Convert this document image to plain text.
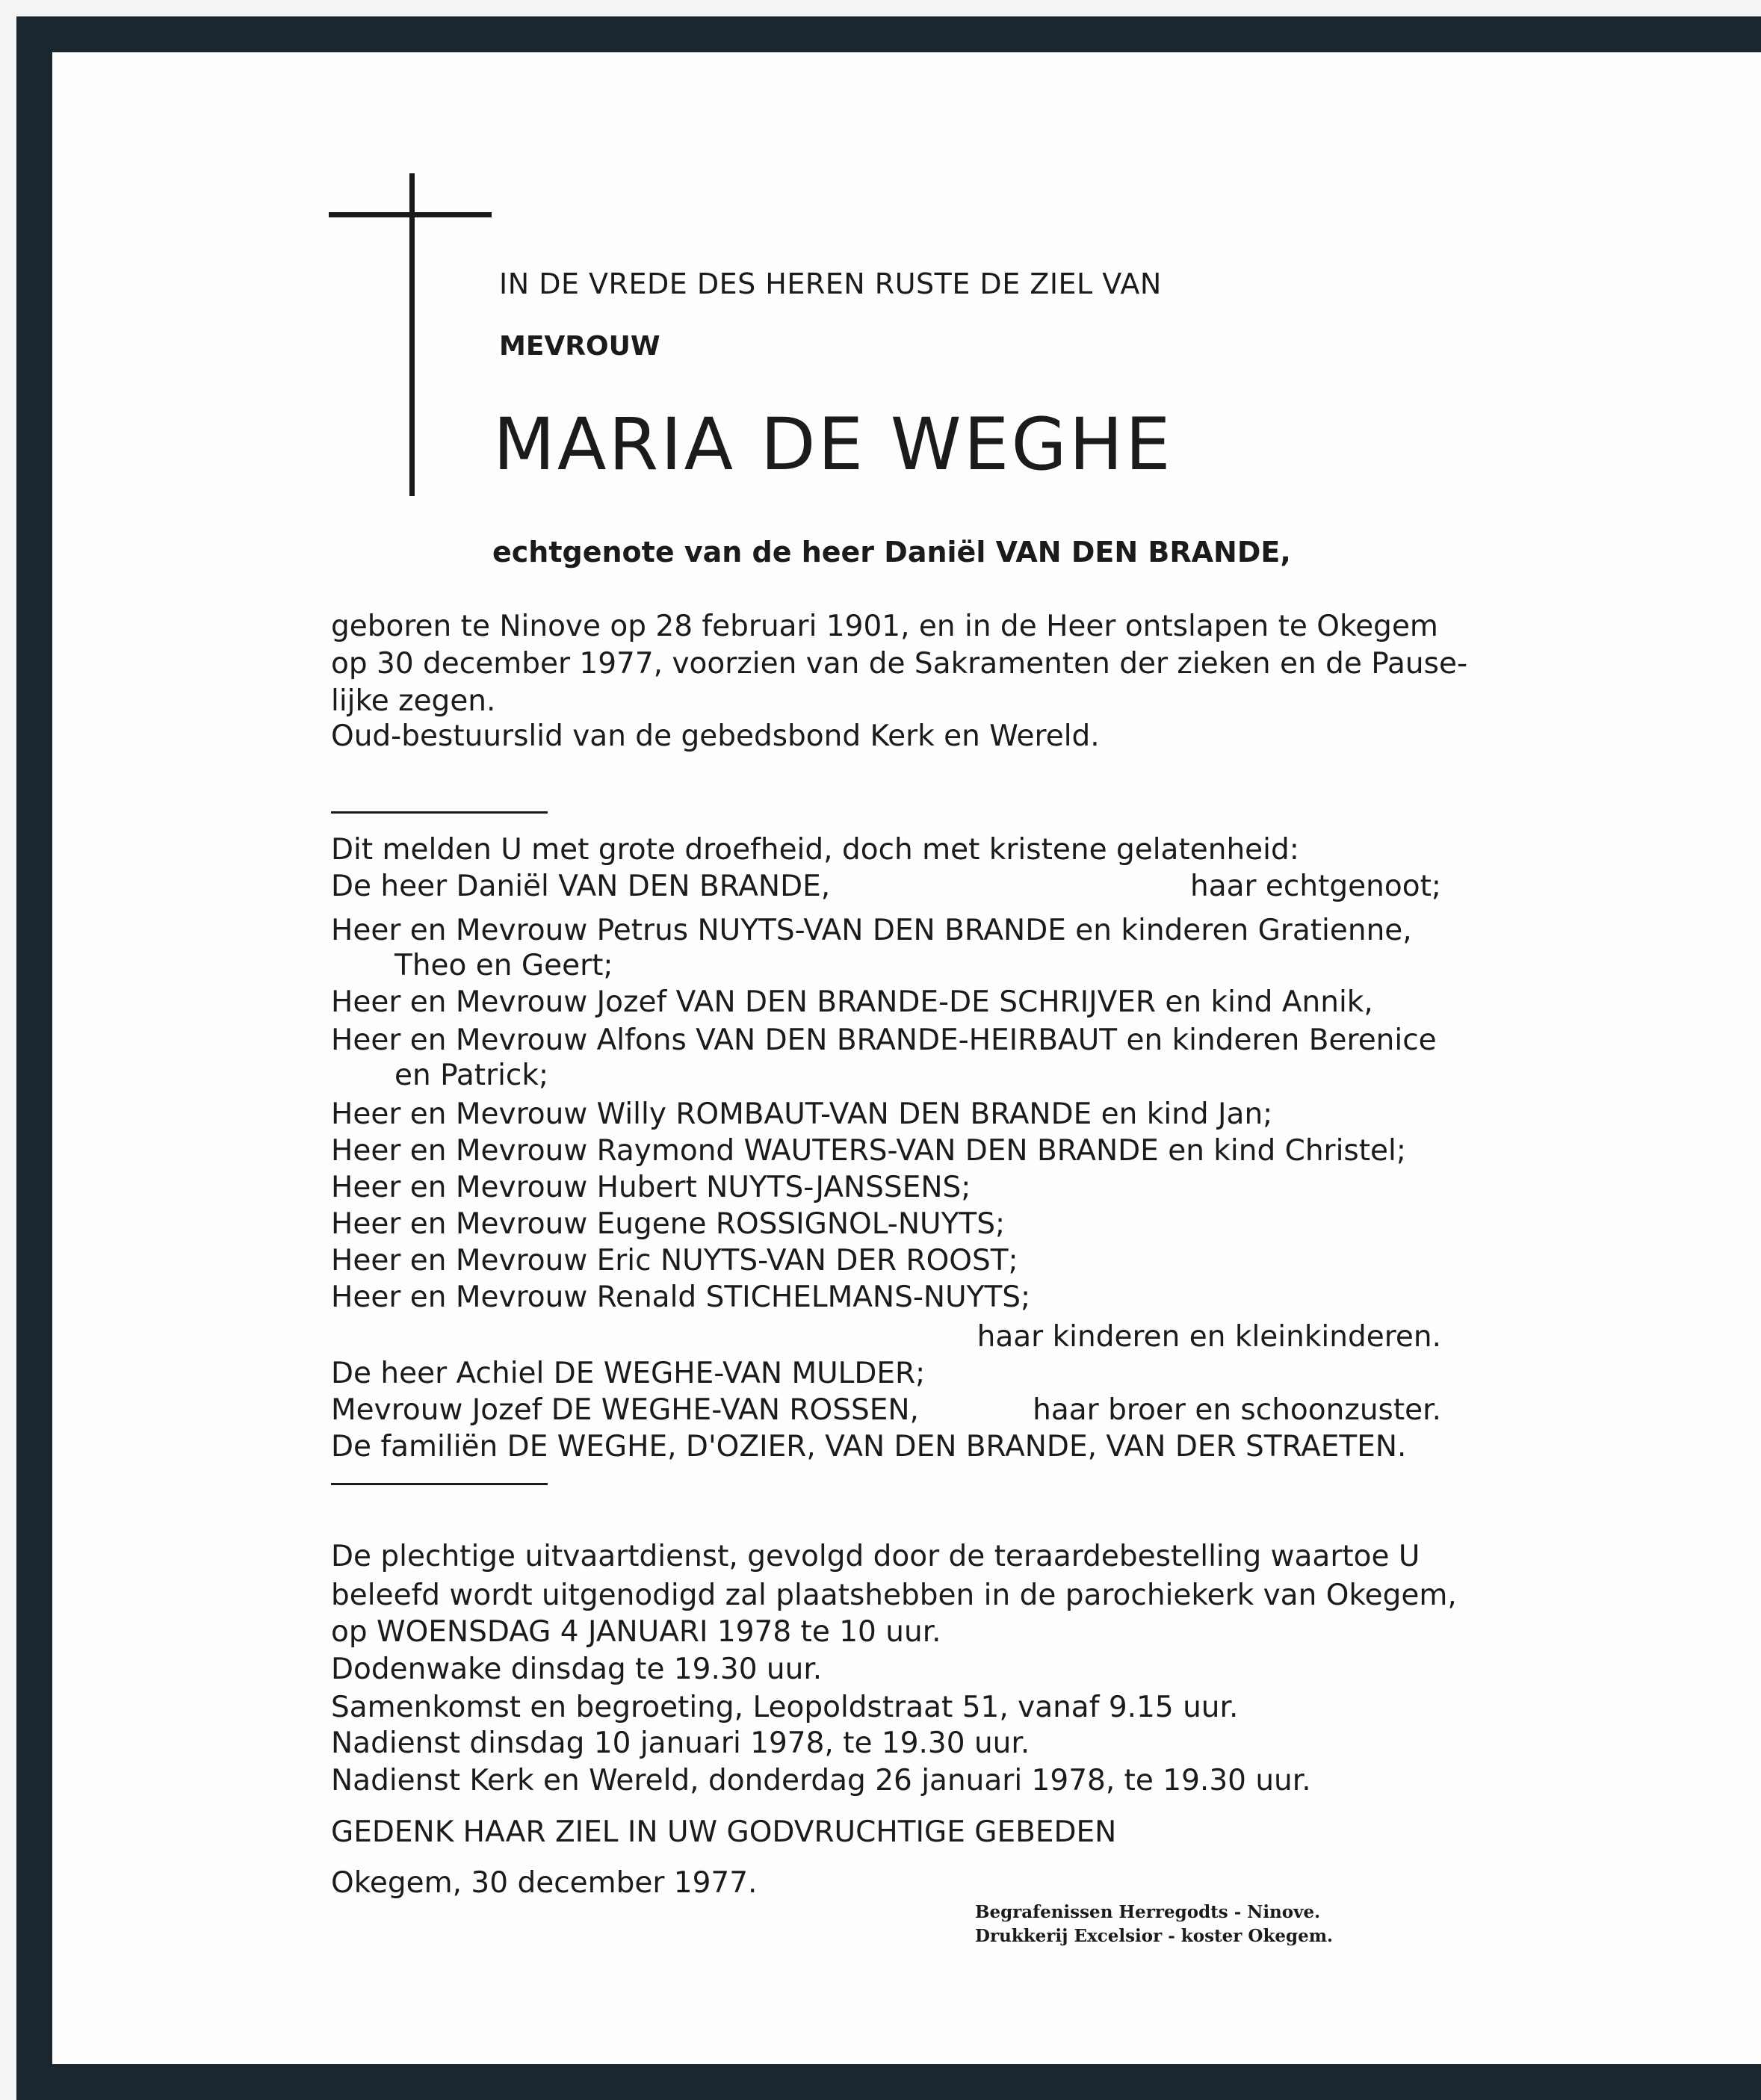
IN DE VREDE DES HEREN RUSTE DE ZIEL VAN
MEVROUW
MARIA DE WEGHE
echtgenote van de heer Daniël VAN DEN BRANDE,
geboren te Ninove op 28 februari 1901, en in de Heer ontslapen te Okegem
op 30 december 1977, voorzien van de Sakramenten der zieken en de Pause-
lijke zegen.
Oud-bestuurslid van de gebedsbond Kerk en Wereld.
Dit melden U met grote droefheid, doch met kristene gelatenheid:
De heer Daniël VAN DEN BRANDE,	haar echtgenoot;
Heer en Mevrouw Petrus NUYTS-VAN DEN BRANDE en kinderen Gratienne,
Theo en Geert;
Heer en Mevrouw Jozef VAN DEN BRANDE-DE SCHRIJVER en kind Annik,
Heer en Mevrouw Alfons VAN DEN BRANDE-HEIRBAUT en kinderen Berenice
en Patrick;
Heer en Mevrouw Willy ROMBAUT-VAN DEN BRANDE en kind Jan;
Heer en Mevrouw Raymond WAUTERS-VAN DEN BRANDE en kind Christel;
Heer en Mevrouw Hubert NUYTS-JANSSENS;
Heer en Mevrouw Eugene ROSSIGNOL-NUYTS;
Heer en Mevrouw Eric NUYTS-VAN DER ROOST;
Heer en Mevrouw Renald STICHELMANS-NUYTS;
haar kinderen en kleinkinderen.
De heer Achiel DE WEGHE-VAN MULDER;
Mevrouw Jozef DE WEGHE-VAN ROSSEN,	haar broer en schoonzuster.
De familiën DE WEGHE, D'OZIER, VAN DEN BRANDE, VAN DER STRAETEN.
De plechtige uitvaartdienst, gevolgd door de teraardebestelling waartoe U
beleefd wordt uitgenodigd zal plaatshebben in de parochiekerk van Okegem,
op WOENSDAG 4 JANUARI 1978 te 10 uur.
Dodenwake dinsdag te 19.30 uur.
Samenkomst en begroeting, Leopoldstraat 51, vanaf 9.15 uur.
Nadienst dinsdag 10 januari 1978, te 19.30 uur.
Nadienst Kerk en Wereld, donderdag 26 januari 1978, te 19.30 uur.
GEDENK HAAR ZIEL IN UW GODVRUCHTIGE GEBEDEN
Okegem, 30 december 1977.
Begrafenissen Herregodts - Ninove.
Drukkerij Excelsior - koster Okegem.
